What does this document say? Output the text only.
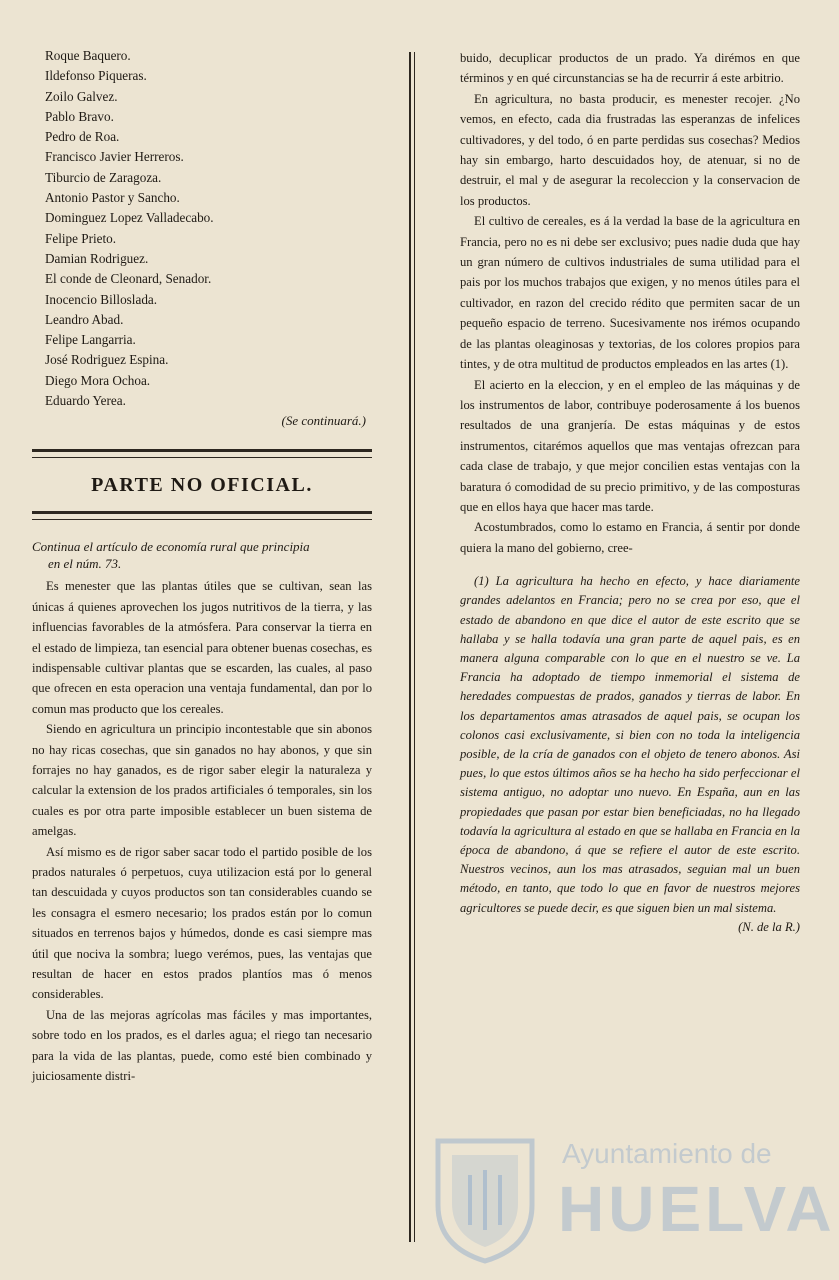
Roque Baquero.
Ildefonso Piqueras.
Zoilo Galvez.
Pablo Bravo.
Pedro de Roa.
Francisco Javier Herreros.
Tiburcio de Zaragoza.
Antonio Pastor y Sancho.
Dominguez Lopez Valladecabo.
Felipe Prieto.
Damian Rodriguez.
El conde de Cleonard, Senador.
Inocencio Billoslada.
Leandro Abad.
Felipe Langarria.
José Rodriguez Espina.
Diego Mora Ochoa.
Eduardo Yerea.
(Se continuará.)
PARTE NO OFICIAL.
Continua el artículo de economía rural que principia
en el núm. 73.

Es menester que las plantas útiles que se cultivan, sean las únicas á quienes aprovechen los jugos nutritivos de la tierra, y las influencias favorables de la atmósfera. Para conservar la tierra en el estado de limpieza, tan esencial para obtener buenas cosechas, es indispensable cultivar plantas que se escarden, las cuales, al paso que ofrecen en esta operacion una ventaja fundamental, dan por lo comun mas producto que los cereales.

Siendo en agricultura un principio incontestable que sin abonos no hay ricas cosechas, que sin ganados no hay abonos, y que sin forrajes no hay ganados, es de rigor saber elegir la naturaleza y calcular la extension de los prados artificiales ó temporales, sin los cuales es por otra parte imposible establecer un buen sistema de amelgas.

Así mismo es de rigor saber sacar todo el partido posible de los prados naturales ó perpetuos, cuya utilizacion está por lo general tan descuidada y cuyos productos son tan considerables cuando se les consagra el esmero necesario; los prados están por lo comun situados en terrenos bajos y húmedos, donde es casi siempre mas útil que nociva la sombra; luego verémos, pues, las ventajas que resultan de hacer en estos prados plantíos mas ó menos considerables.

Una de las mejoras agrícolas mas fáciles y mas importantes, sobre todo en los prados, es el darles agua; el riego tan necesario para la vida de las plantas, puede, como esté bien combinado y juiciosamente distri-

buido, decuplicar productos de un prado. Ya dirémos en que términos y en qué circunstancias se ha de recurrir á este arbitrio.

En agricultura, no basta producir, es menester recojer. ¿No vemos, en efecto, cada dia frustradas las esperanzas de infelices cultivadores, y del todo, ó en parte perdidas sus cosechas? Medios hay sin embargo, harto descuidados hoy, de atenuar, si no de destruir, el mal y de asegurar la recoleccion y la conservacion de los productos.

El cultivo de cereales, es á la verdad la base de la agricultura en Francia, pero no es ni debe ser exclusivo; pues nadie duda que hay un gran número de cultivos industriales de suma utilidad para el pais por los muchos trabajos que exigen, y no menos útiles para el cultivador, en razon del crecido rédito que permiten sacar de un pequeño espacio de terreno. Sucesivamente nos irémos ocupando de las plantas oleaginosas y textorias, de los colores propios para tintes, y de otra multitud de productos empleados en las artes (1).

El acierto en la eleccion, y en el empleo de las máquinas y de los instrumentos de labor, contribuye poderosamente á los buenos resultados de una granjería. De estas máquinas y de estos instrumentos, citarémos aquellos que mas ventajas ofrezcan para cada clase de trabajo, y que mejor concilien estas ventajas con la baratura ó comodidad de su precio primitivo, y de las composturas que en ellos haya que hacer mas tarde.

Acostumbrados, como lo estamo en Francia, á sentir por donde quiera la mano del gobierno, cree-

(1) La agricultura ha hecho en efecto, y hace diariamente grandes adelantos en Francia; pero no se crea por eso, que el estado de abandono en que dice el autor de este escrito que se hallaba y se halla todavía una gran parte de aquel pais, es en manera alguna comparable con lo que en el nuestro se ve. La Francia ha adoptado de tiempo inmemorial el sistema de heredades compuestas de prados, ganados y tierras de labor. En los departamentos amas atrasados de aquel pais, se ocupan los colonos casi exclusivamente, si bien con no toda la inteligencia posible, de la cría de ganados con el objeto de tenero abonos. Asi pues, lo que estos últimos años se ha hecho ha sido perfeccionar el sistema antiguo, no adoptar uno nuevo. En España, aun en las propiedades que pasan por estar bien beneficiadas, no ha llegado todavía la agricultura al estado en que se hallaba en Francia en la época de abandono, á que se refiere el autor de este escrito. Nuestros vecinos, aun los mas atrasados, seguian mal un buen método, en tanto, que todo lo que en favor de nuestros mejores agricultores se puede decir, es que siguen bien un mal sistema.
(N. de la R.)
Ayuntamiento de
HUELVA
